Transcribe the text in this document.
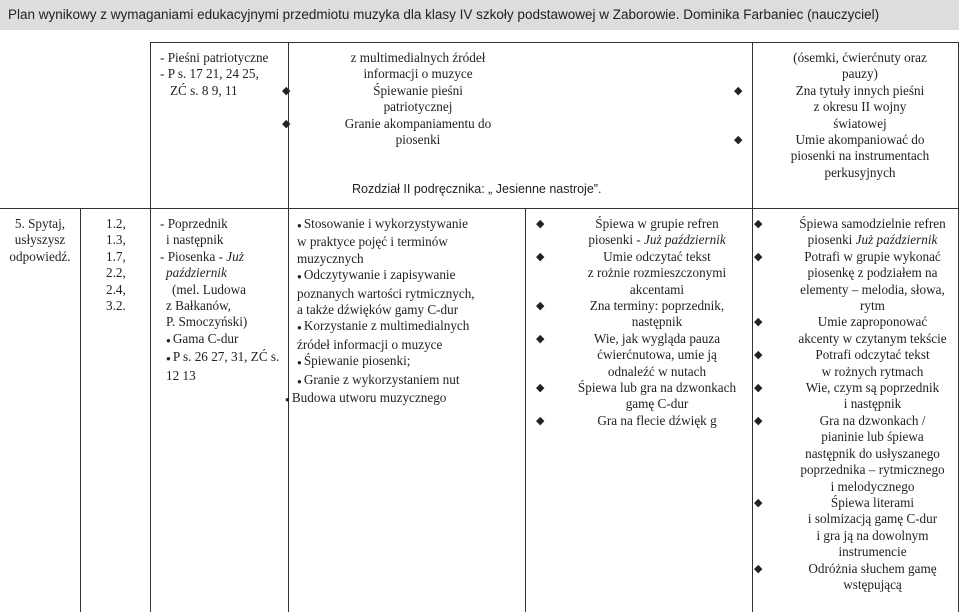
Plan wynikowy z wymaganiami edukacyjnymi przedmiotu muzyka dla klasy IV szkoły podstawowej w Zaborowie. Dominika Farbaniec (nauczyciel)
- Pieśni patriotyczne
- P s. 17 21, 24 25,
ZĆ s. 8 9, 11
z multimedialnych źródeł
informacji o muzyce
◆ Śpiewanie pieśni
patriotycznej
◆ Granie akompaniamentu do
piosenki
Rozdział II podręcznika: „ Jesienne nastroje”.
(ósemki, ćwierćnuty oraz
pauzy)
◆ Zna tytuły innych pieśni
z okresu II wojny
światowej
◆ Umie akompaniować do
piosenki na instrumentach
perkusyjnych
5. Spytaj,
usłyszysz
odpowiedź.
1.2,
1.3,
1.7,
2.2,
2.4,
3.2.
- Poprzednik
i następnik
- Piosenka - Już
październik
(mel. Ludowa
z Bałkanów,
P. Smoczyński)
● Gama C-dur
● P s. 26 27, 31, ZĆ s.
12 13
● Stosowanie i wykorzystywanie
w praktyce pojęć i terminów
muzycznych
● Odczytywanie i zapisywanie
poznanych wartości rytmicznych,
a także dźwięków gamy C-dur
● Korzystanie z multimedialnych
źródeł informacji o muzyce
● Śpiewanie piosenki;
● Granie z wykorzystaniem nut
● Budowa utworu muzycznego
◆ Śpiewa w grupie refren
piosenki - Już październik
◆ Umie odczytać tekst
z rożnie rozmieszczonymi
akcentami
◆ Zna terminy: poprzednik,
następnik
◆ Wie, jak wygląda pauza
ćwierćnutowa, umie ją
odnaleźć w nutach
◆ Śpiewa lub gra na dzwonkach
gamę C-dur
◆ Gra na flecie dźwięk g
◆ Śpiewa samodzielnie refren
piosenki Już październik
◆ Potrafi w grupie wykonać
piosenkę z podziałem na
elementy – melodia, słowa,
rytm
◆ Umie zaproponować
akcenty w czytanym tekście
◆ Potrafi odczytać tekst
w rożnych rytmach
◆ Wie, czym są poprzednik
i następnik
◆ Gra na dzwonkach /
pianinie lub śpiewa
następnik do usłyszanego
poprzednika – rytmicznego
i melodycznego
◆ Śpiewa literami
i solmizacją gamę C-dur
i gra ją na dowolnym
instrumencie
◆ Odróżnia słuchem gamę
wstępującą
